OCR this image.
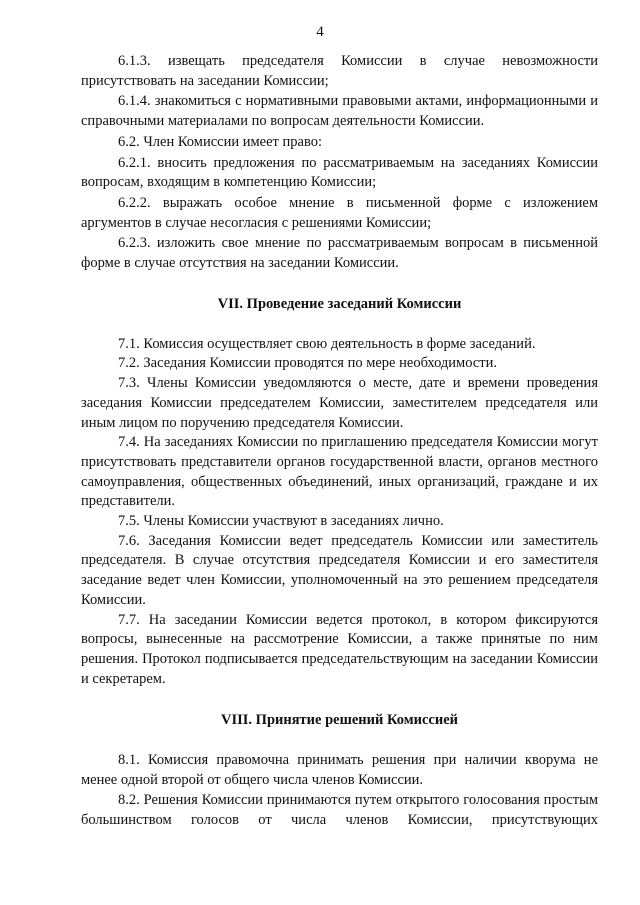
4

6.1.3. извещать председателя Комиссии в случае невозможности присутствовать на заседании Комиссии;

6.1.4. знакомиться с нормативными правовыми актами, информационными и справочными материалами по вопросам деятельности Комиссии.

6.2. Член Комиссии имеет право:

6.2.1. вносить предложения по рассматриваемым на заседаниях Комиссии вопросам, входящим в компетенцию Комиссии;

6.2.2. выражать особое мнение в письменной форме с изложением аргументов в случае несогласия с решениями Комиссии;

6.2.3. изложить свое мнение по рассматриваемым вопросам в письменной форме в случае отсутствия на заседании Комиссии.

VII. Проведение заседаний Комиссии

7.1. Комиссия осуществляет свою деятельность в форме заседаний.

7.2. Заседания Комиссии проводятся по мере необходимости.

7.3. Члены Комиссии уведомляются о месте, дате и времени проведения заседания Комиссии председателем Комиссии, заместителем председателя или иным лицом по поручению председателя Комиссии.

7.4. На заседаниях Комиссии по приглашению председателя Комиссии могут присутствовать представители органов государственной власти, органов местного самоуправления, общественных объединений, иных организаций, граждане и их представители.

7.5. Члены Комиссии участвуют в заседаниях лично.

7.6. Заседания Комиссии ведет председатель Комиссии или заместитель председателя. В случае отсутствия председателя Комиссии и его заместителя заседание ведет член Комиссии, уполномоченный на это решением председателя Комиссии.

7.7. На заседании Комиссии ведется протокол, в котором фиксируются вопросы, вынесенные на рассмотрение Комиссии, а также принятые по ним решения. Протокол подписывается председательствующим на заседании Комиссии и секретарем.

VIII. Принятие решений Комиссией

8.1. Комиссия правомочна принимать решения при наличии кворума не менее одной второй от общего числа членов Комиссии.

8.2. Решения Комиссии принимаются путем открытого голосования простым большинством голосов от числа членов Комиссии, присутствующих
